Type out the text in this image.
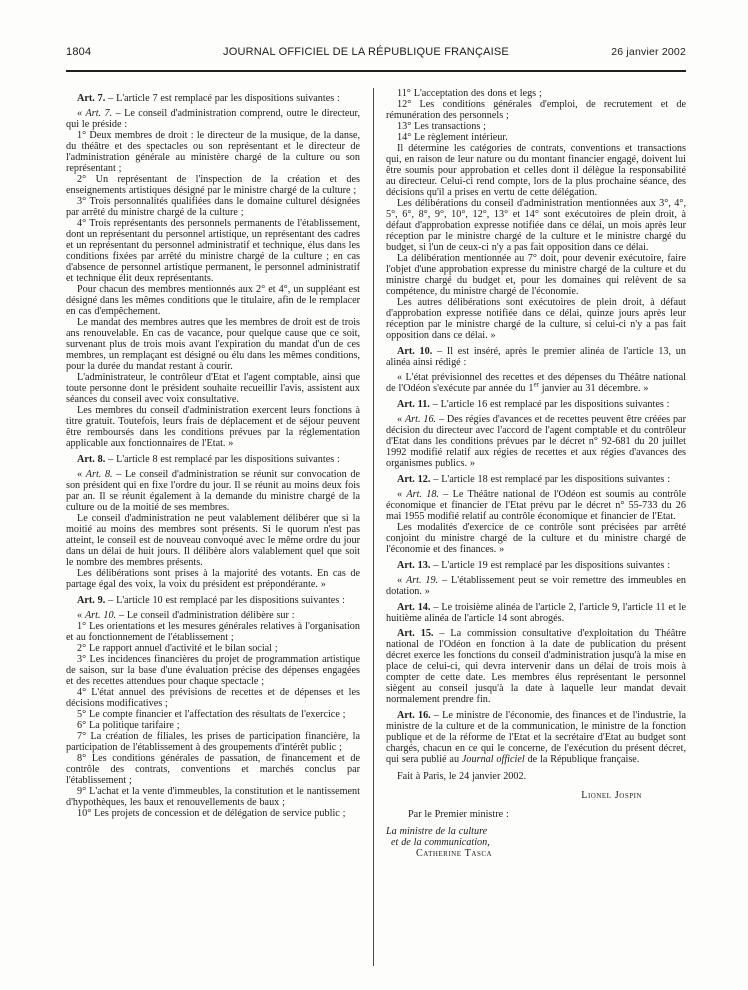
1804	JOURNAL OFFICIEL DE LA RÉPUBLIQUE FRANÇAISE	26 janvier 2002

Art. 7. – L'article 7 est remplacé par les dispositions suivantes :

« Art. 7. – Le conseil d'administration comprend, outre le directeur, qui le préside :

1° Deux membres de droit : le directeur de la musique, de la danse, du théâtre et des spectacles ou son représentant et le directeur de l'administration générale au ministère chargé de la culture ou son représentant ;

2° Un représentant de l'inspection de la création et des enseignements artistiques désigné par le ministre chargé de la culture ;

3° Trois personnalités qualifiées dans le domaine culturel désignées par arrêté du ministre chargé de la culture ;

4° Trois représentants des personnels permanents de l'établissement, dont un représentant du personnel artistique, un représentant des cadres et un représentant du personnel administratif et technique, élus dans les conditions fixées par arrêté du ministre chargé de la culture ; en cas d'absence de personnel artistique permanent, le personnel administratif et technique élit deux représentants.

Pour chacun des membres mentionnés aux 2° et 4°, un suppléant est désigné dans les mêmes conditions que le titulaire, afin de le remplacer en cas d'empêchement.

Le mandat des membres autres que les membres de droit est de trois ans renouvelable. En cas de vacance, pour quelque cause que ce soit, survenant plus de trois mois avant l'expiration du mandat d'un de ces membres, un remplaçant est désigné ou élu dans les mêmes conditions, pour la durée du mandat restant à courir.

L'administrateur, le contrôleur d'Etat et l'agent comptable, ainsi que toute personne dont le président souhaite recueillir l'avis, assistent aux séances du conseil avec voix consultative.

Les membres du conseil d'administration exercent leurs fonctions à titre gratuit. Toutefois, leurs frais de déplacement et de séjour peuvent être remboursés dans les conditions prévues par la réglementation applicable aux fonctionnaires de l'Etat. »

Art. 8. – L'article 8 est remplacé par les dispositions suivantes :

« Art. 8. – Le conseil d'administration se réunit sur convocation de son président qui en fixe l'ordre du jour. Il se réunit au moins deux fois par an. Il se réunit également à la demande du ministre chargé de la culture ou de la moitié de ses membres.

Le conseil d'administration ne peut valablement délibérer que si la moitié au moins des membres sont présents. Si le quorum n'est pas atteint, le conseil est de nouveau convoqué avec le même ordre du jour dans un délai de huit jours. Il délibère alors valablement quel que soit le nombre des membres présents.

Les délibérations sont prises à la majorité des votants. En cas de partage égal des voix, la voix du président est prépondérante. »

Art. 9. – L'article 10 est remplacé par les dispositions suivantes :

« Art. 10. – Le conseil d'administration délibère sur :

1° Les orientations et les mesures générales relatives à l'organisation et au fonctionnement de l'établissement ;

2° Le rapport annuel d'activité et le bilan social ;

3° Les incidences financières du projet de programmation artistique de saison, sur la base d'une évaluation précise des dépenses engagées et des recettes attendues pour chaque spectacle ;

4° L'état annuel des prévisions de recettes et de dépenses et les décisions modificatives ;

5° Le compte financier et l'affectation des résultats de l'exercice ;

6° La politique tarifaire ;

7° La création de filiales, les prises de participation financière, la participation de l'établissement à des groupements d'intérêt public ;

8° Les conditions générales de passation, de financement et de contrôle des contrats, conventions et marchés conclus par l'établissement ;

9° L'achat et la vente d'immeubles, la constitution et le nantissement d'hypothèques, les baux et renouvellements de baux ;

10° Les projets de concession et de délégation de service public ;

11° L'acceptation des dons et legs ;

12° Les conditions générales d'emploi, de recrutement et de rémunération des personnels ;

13° Les transactions ;

14° Le règlement intérieur.

Il détermine les catégories de contrats, conventions et transactions qui, en raison de leur nature ou du montant financier engagé, doivent lui être soumis pour approbation et celles dont il délègue la responsabilité au directeur. Celui-ci rend compte, lors de la plus prochaine séance, des décisions qu'il a prises en vertu de cette délégation.

Les délibérations du conseil d'administration mentionnées aux 3°, 4°, 5°, 6°, 8°, 9°, 10°, 12°, 13° et 14° sont exécutoires de plein droit, à défaut d'approbation expresse notifiée dans ce délai, un mois après leur réception par le ministre chargé de la culture et le ministre chargé du budget, si l'un de ceux-ci n'y a pas fait opposition dans ce délai.

La délibération mentionnée au 7° doit, pour devenir exécutoire, faire l'objet d'une approbation expresse du ministre chargé de la culture et du ministre chargé du budget et, pour les domaines qui relèvent de sa compétence, du ministre chargé de l'économie.

Les autres délibérations sont exécutoires de plein droit, à défaut d'approbation expresse notifiée dans ce délai, quinze jours après leur réception par le ministre chargé de la culture, si celui-ci n'y a pas fait opposition dans ce délai. »

Art. 10. – Il est inséré, après le premier alinéa de l'article 13, un alinéa ainsi rédigé :

« L'état prévisionnel des recettes et des dépenses du Théâtre national de l'Odéon s'exécute par année du 1er janvier au 31 décembre. »

Art. 11. – L'article 16 est remplacé par les dispositions suivantes :

« Art. 16. – Des régies d'avances et de recettes peuvent être créées par décision du directeur avec l'accord de l'agent comptable et du contrôleur d'Etat dans les conditions prévues par le décret n° 92-681 du 20 juillet 1992 modifié relatif aux régies de recettes et aux régies d'avances des organismes publics. »

Art. 12. – L'article 18 est remplacé par les dispositions suivantes :

« Art. 18. – Le Théâtre national de l'Odéon est soumis au contrôle économique et financier de l'Etat prévu par le décret n° 55-733 du 26 mai 1955 modifié relatif au contrôle économique et financier de l'Etat.

Les modalités d'exercice de ce contrôle sont précisées par arrêté conjoint du ministre chargé de la culture et du ministre chargé de l'économie et des finances. »

Art. 13. – L'article 19 est remplacé par les dispositions suivantes :

« Art. 19. – L'établissement peut se voir remettre des immeubles en dotation. »

Art. 14. – Le troisième alinéa de l'article 2, l'article 9, l'article 11 et le huitième alinéa de l'article 14 sont abrogés.

Art. 15. – La commission consultative d'exploitation du Théâtre national de l'Odéon en fonction à la date de publication du présent décret exerce les fonctions du conseil d'administration jusqu'à la mise en place de celui-ci, qui devra intervenir dans un délai de trois mois à compter de cette date. Les membres élus représentant le personnel siègent au conseil jusqu'à la date à laquelle leur mandat devait normalement prendre fin.

Art. 16. – Le ministre de l'économie, des finances et de l'industrie, la ministre de la culture et de la communication, le ministre de la fonction publique et de la réforme de l'Etat et la secrétaire d'Etat au budget sont chargés, chacun en ce qui le concerne, de l'exécution du présent décret, qui sera publié au Journal officiel de la République française.

Fait à Paris, le 24 janvier 2002.

Lionel Jospin

Par le Premier ministre :

La ministre de la culture

et de la communication,

Catherine Tasca
